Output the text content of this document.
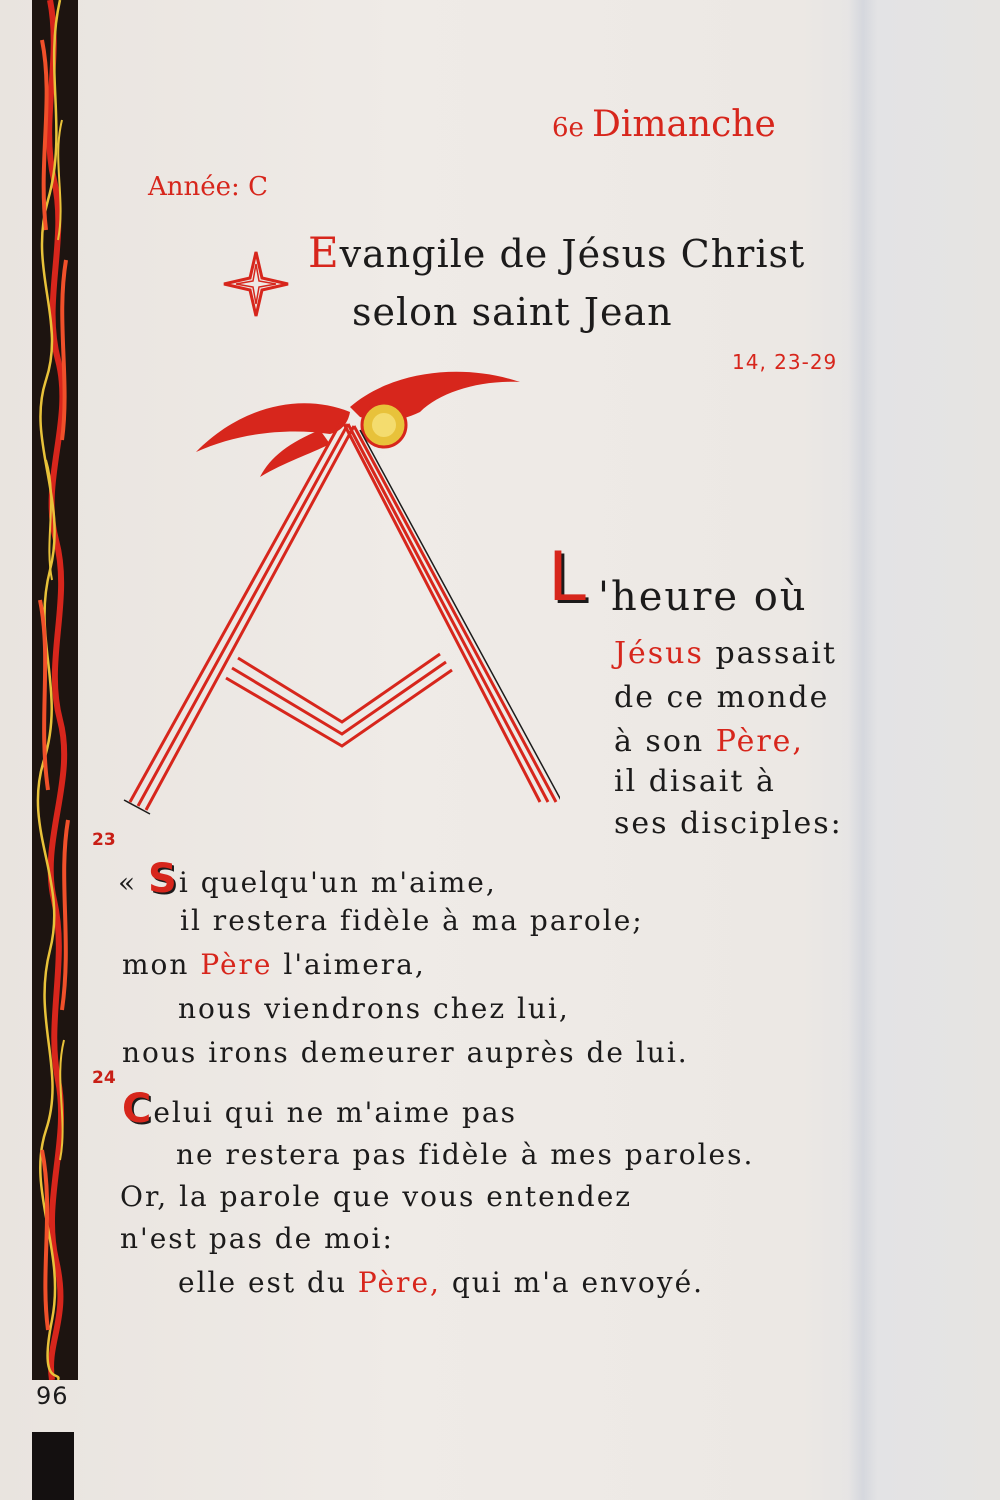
96
6e Dimanche
Année: C
Evangile de Jésus Christ
selon saint Jean
14, 23-29
23
L 'heure où
Jésus passait
de ce monde
à son Père,
il disait à
ses disciples:
« Si quelqu'un m'aime,
il restera fidèle à ma parole;
mon Père l'aimera,
nous viendrons chez lui,
nous irons demeurer auprès de lui.
24
Celui qui ne m'aime pas
ne restera pas fidèle à mes paroles.
Or, la parole que vous entendez
n'est pas de moi:
elle est du Père, qui m'a envoyé.
